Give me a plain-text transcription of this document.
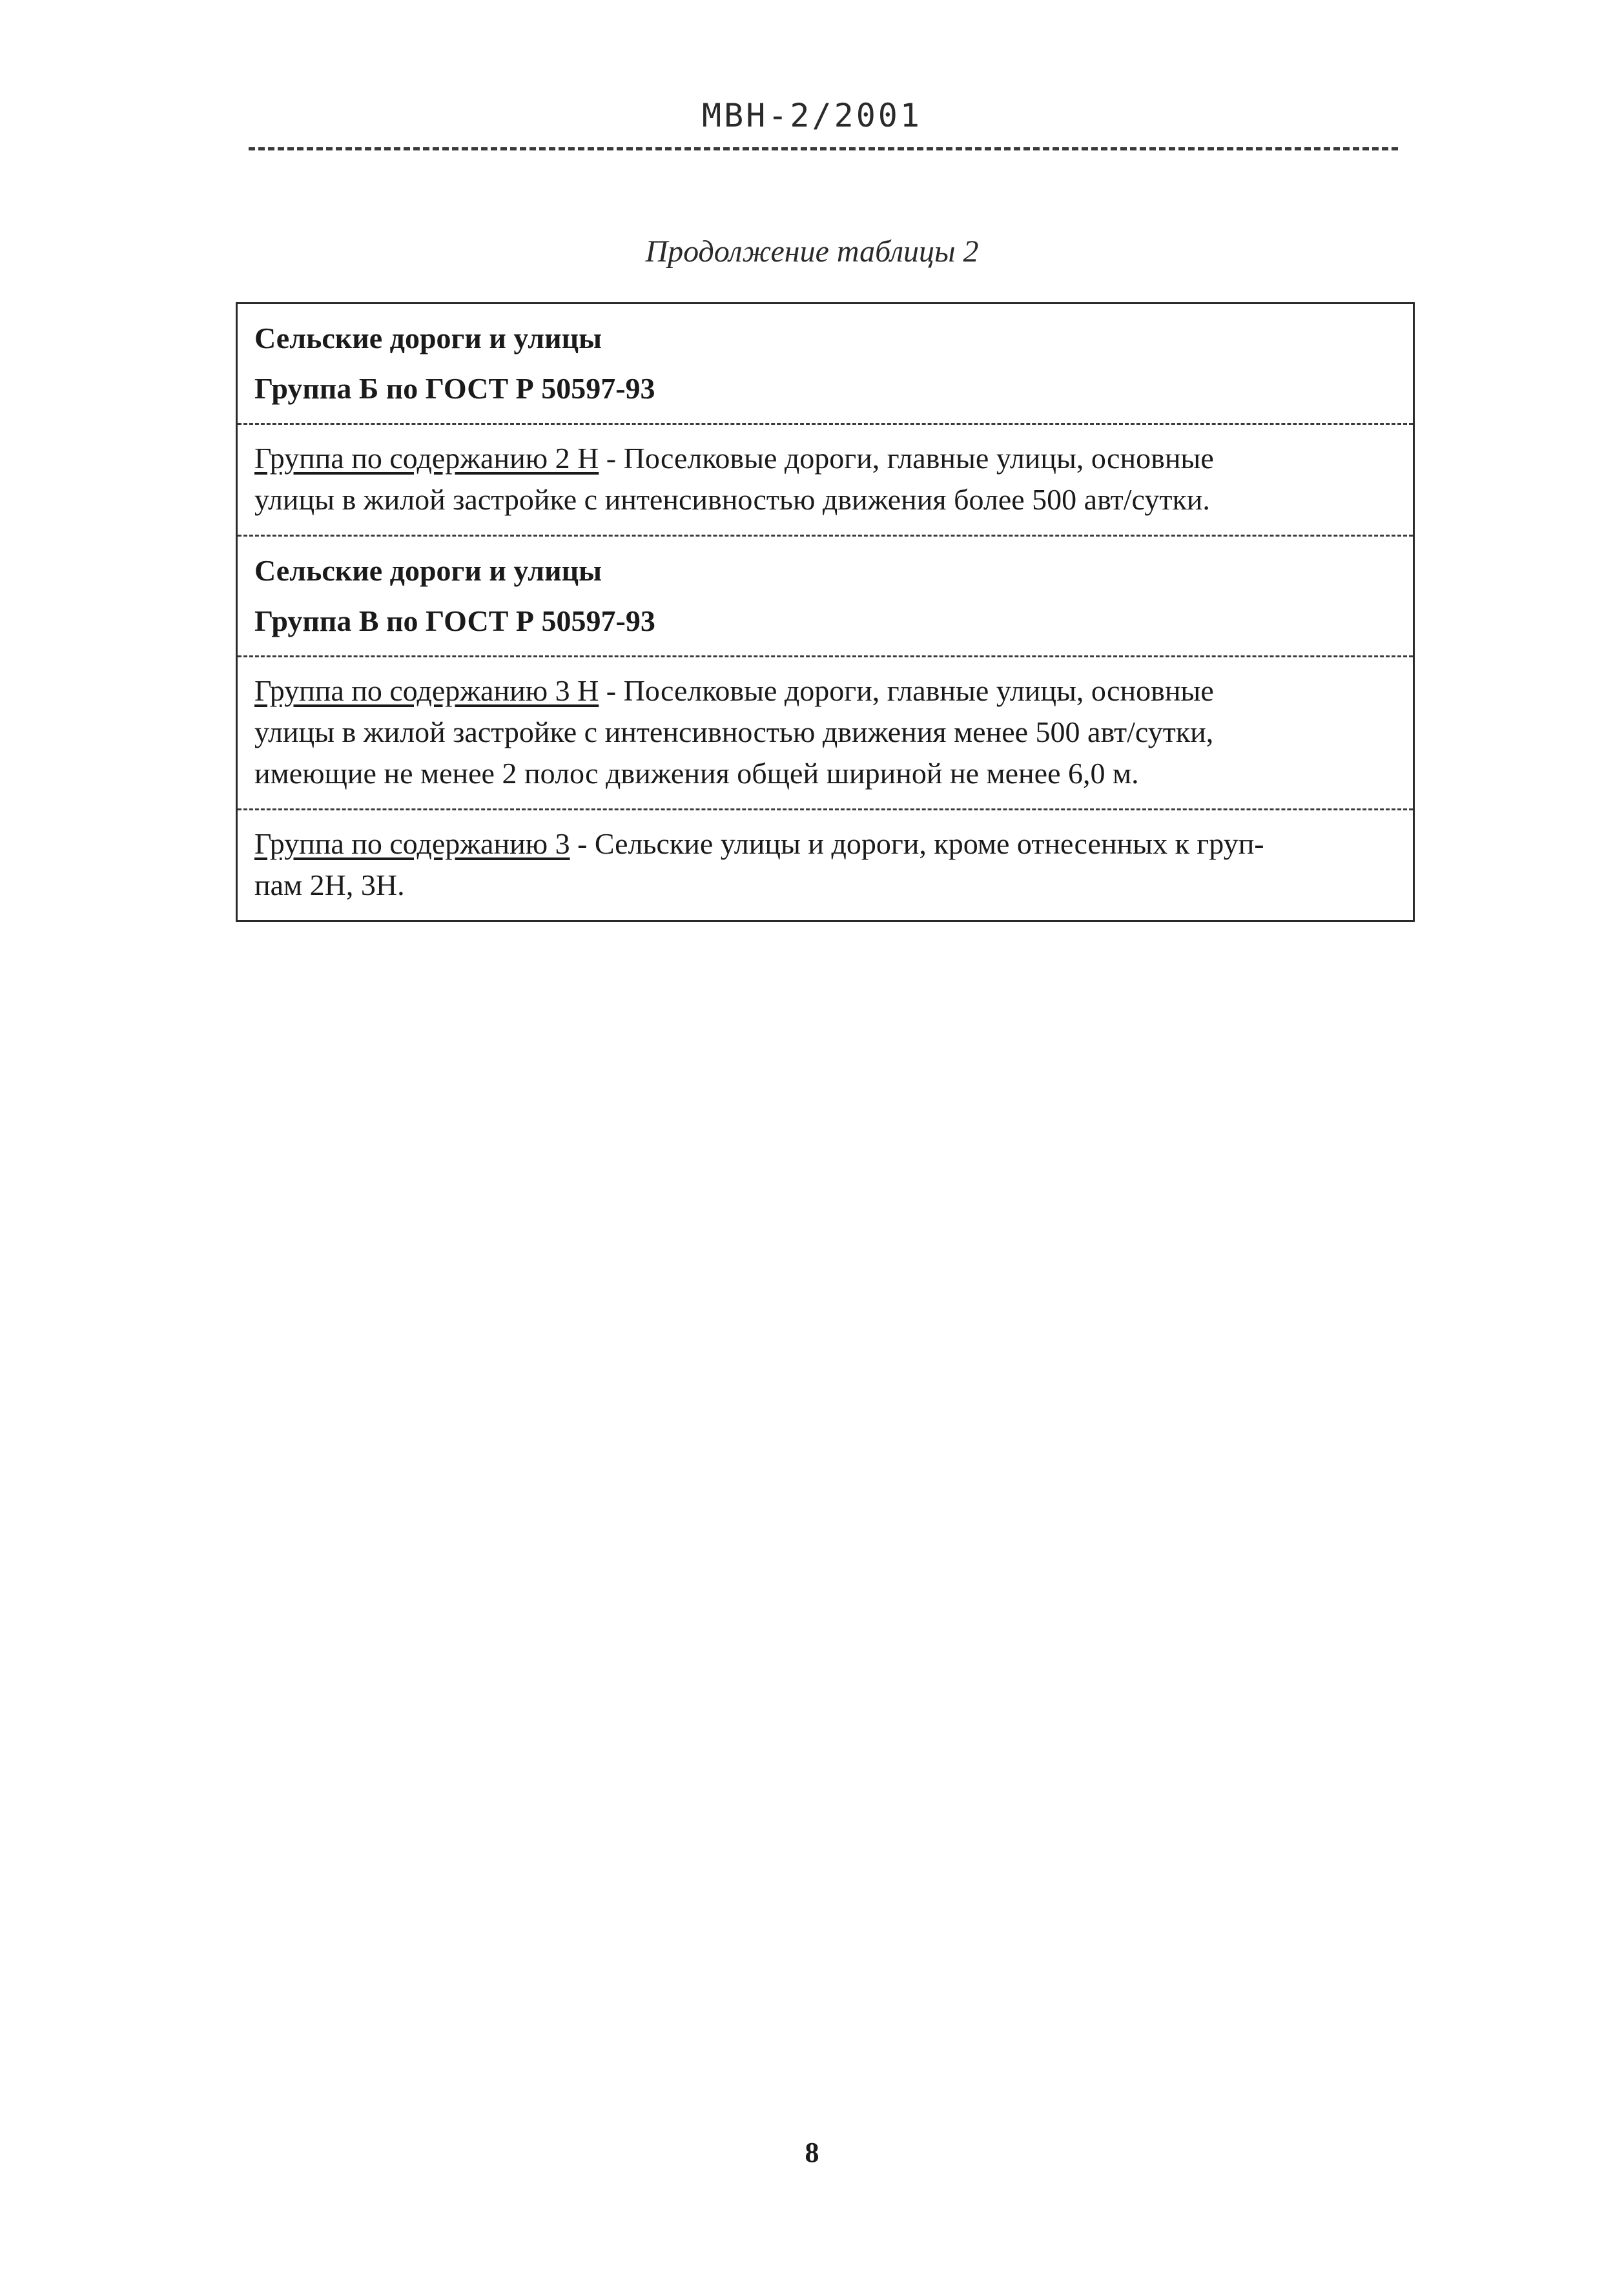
МВН-2/2001
Продолжение таблицы 2
Сельские дороги и улицы
Группа Б по ГОСТ Р 50597-93
Группа по содержанию 2 Н - Поселковые дороги, главные улицы, основные
улицы в жилой застройке с интенсивностью движения более 500 авт/сутки.
Сельские дороги и улицы
Группа В по ГОСТ Р 50597-93
Группа по содержанию 3 Н - Поселковые дороги, главные улицы, основные
улицы в жилой застройке с интенсивностью движения менее 500 авт/сутки,
имеющие не менее 2 полос движения общей шириной не менее 6,0 м.
Группа по содержанию 3 - Сельские улицы и дороги, кроме отнесенных к груп-
пам 2Н, 3Н.
8
